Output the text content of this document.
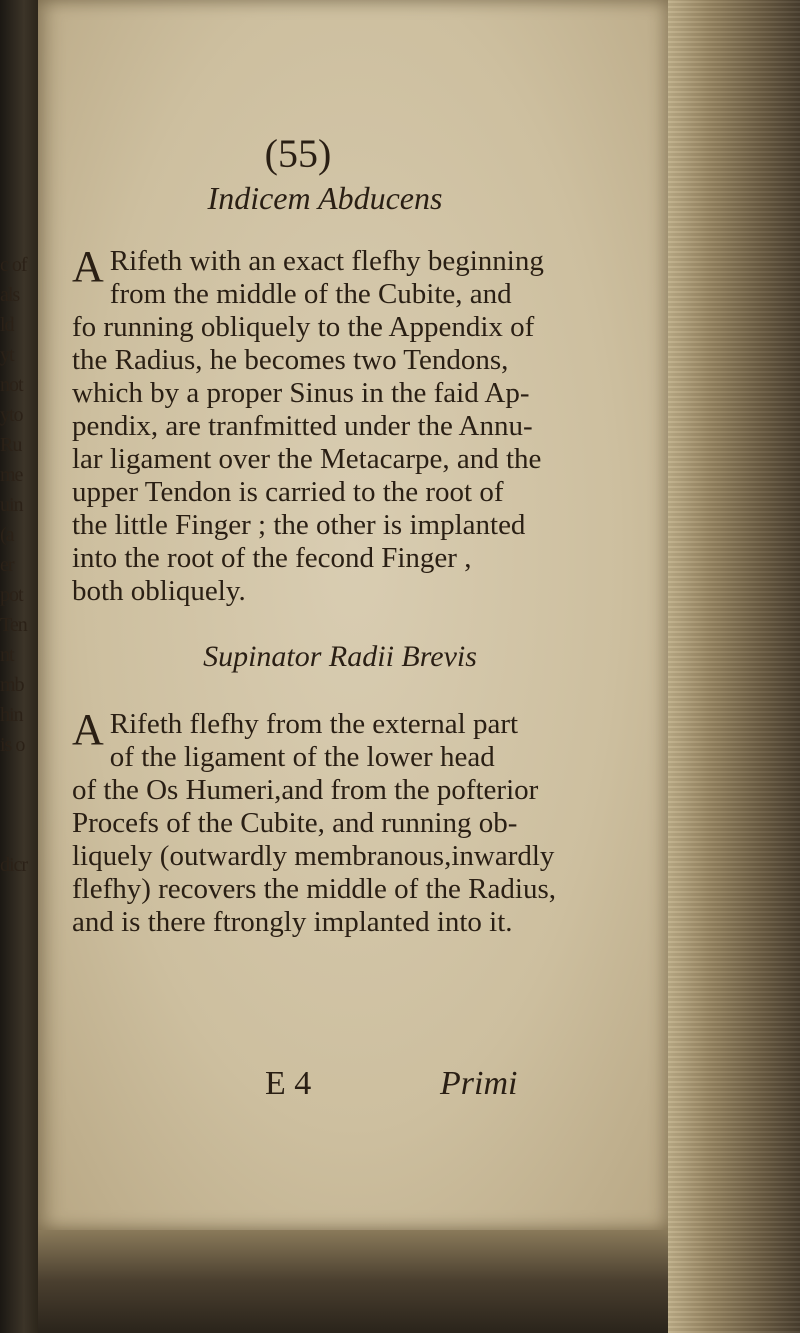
c of
als
ld
yt
not
yto
Ru
me
uin
(a
er
pot
Ten
nt
mb
hin
is o

dicr
(55)
Indicem Abducens
A Rifeth with an exact flefhy beginning
from the middle of the Cubite, and
fo running obliquely to the Appendix of
the Radius, he becomes two Tendons,
which by a proper Sinus in the faid Ap-
pendix, are tranfmitted under the Annu-
lar ligament over the Metacarpe, and the
upper Tendon is carried to the root of
the little Finger ; the other is implanted
into the root of the fecond Finger ,
both obliquely.
Supinator Radii Brevis
A Rifeth flefhy from the external part
of the ligament of the lower head
of the Os Humeri,and from the pofterior
Procefs of the Cubite, and running ob-
liquely (outwardly membranous,inwardly
flefhy) recovers the middle of the Radius,
and is there ftrongly implanted into it.
E 4	Primi
